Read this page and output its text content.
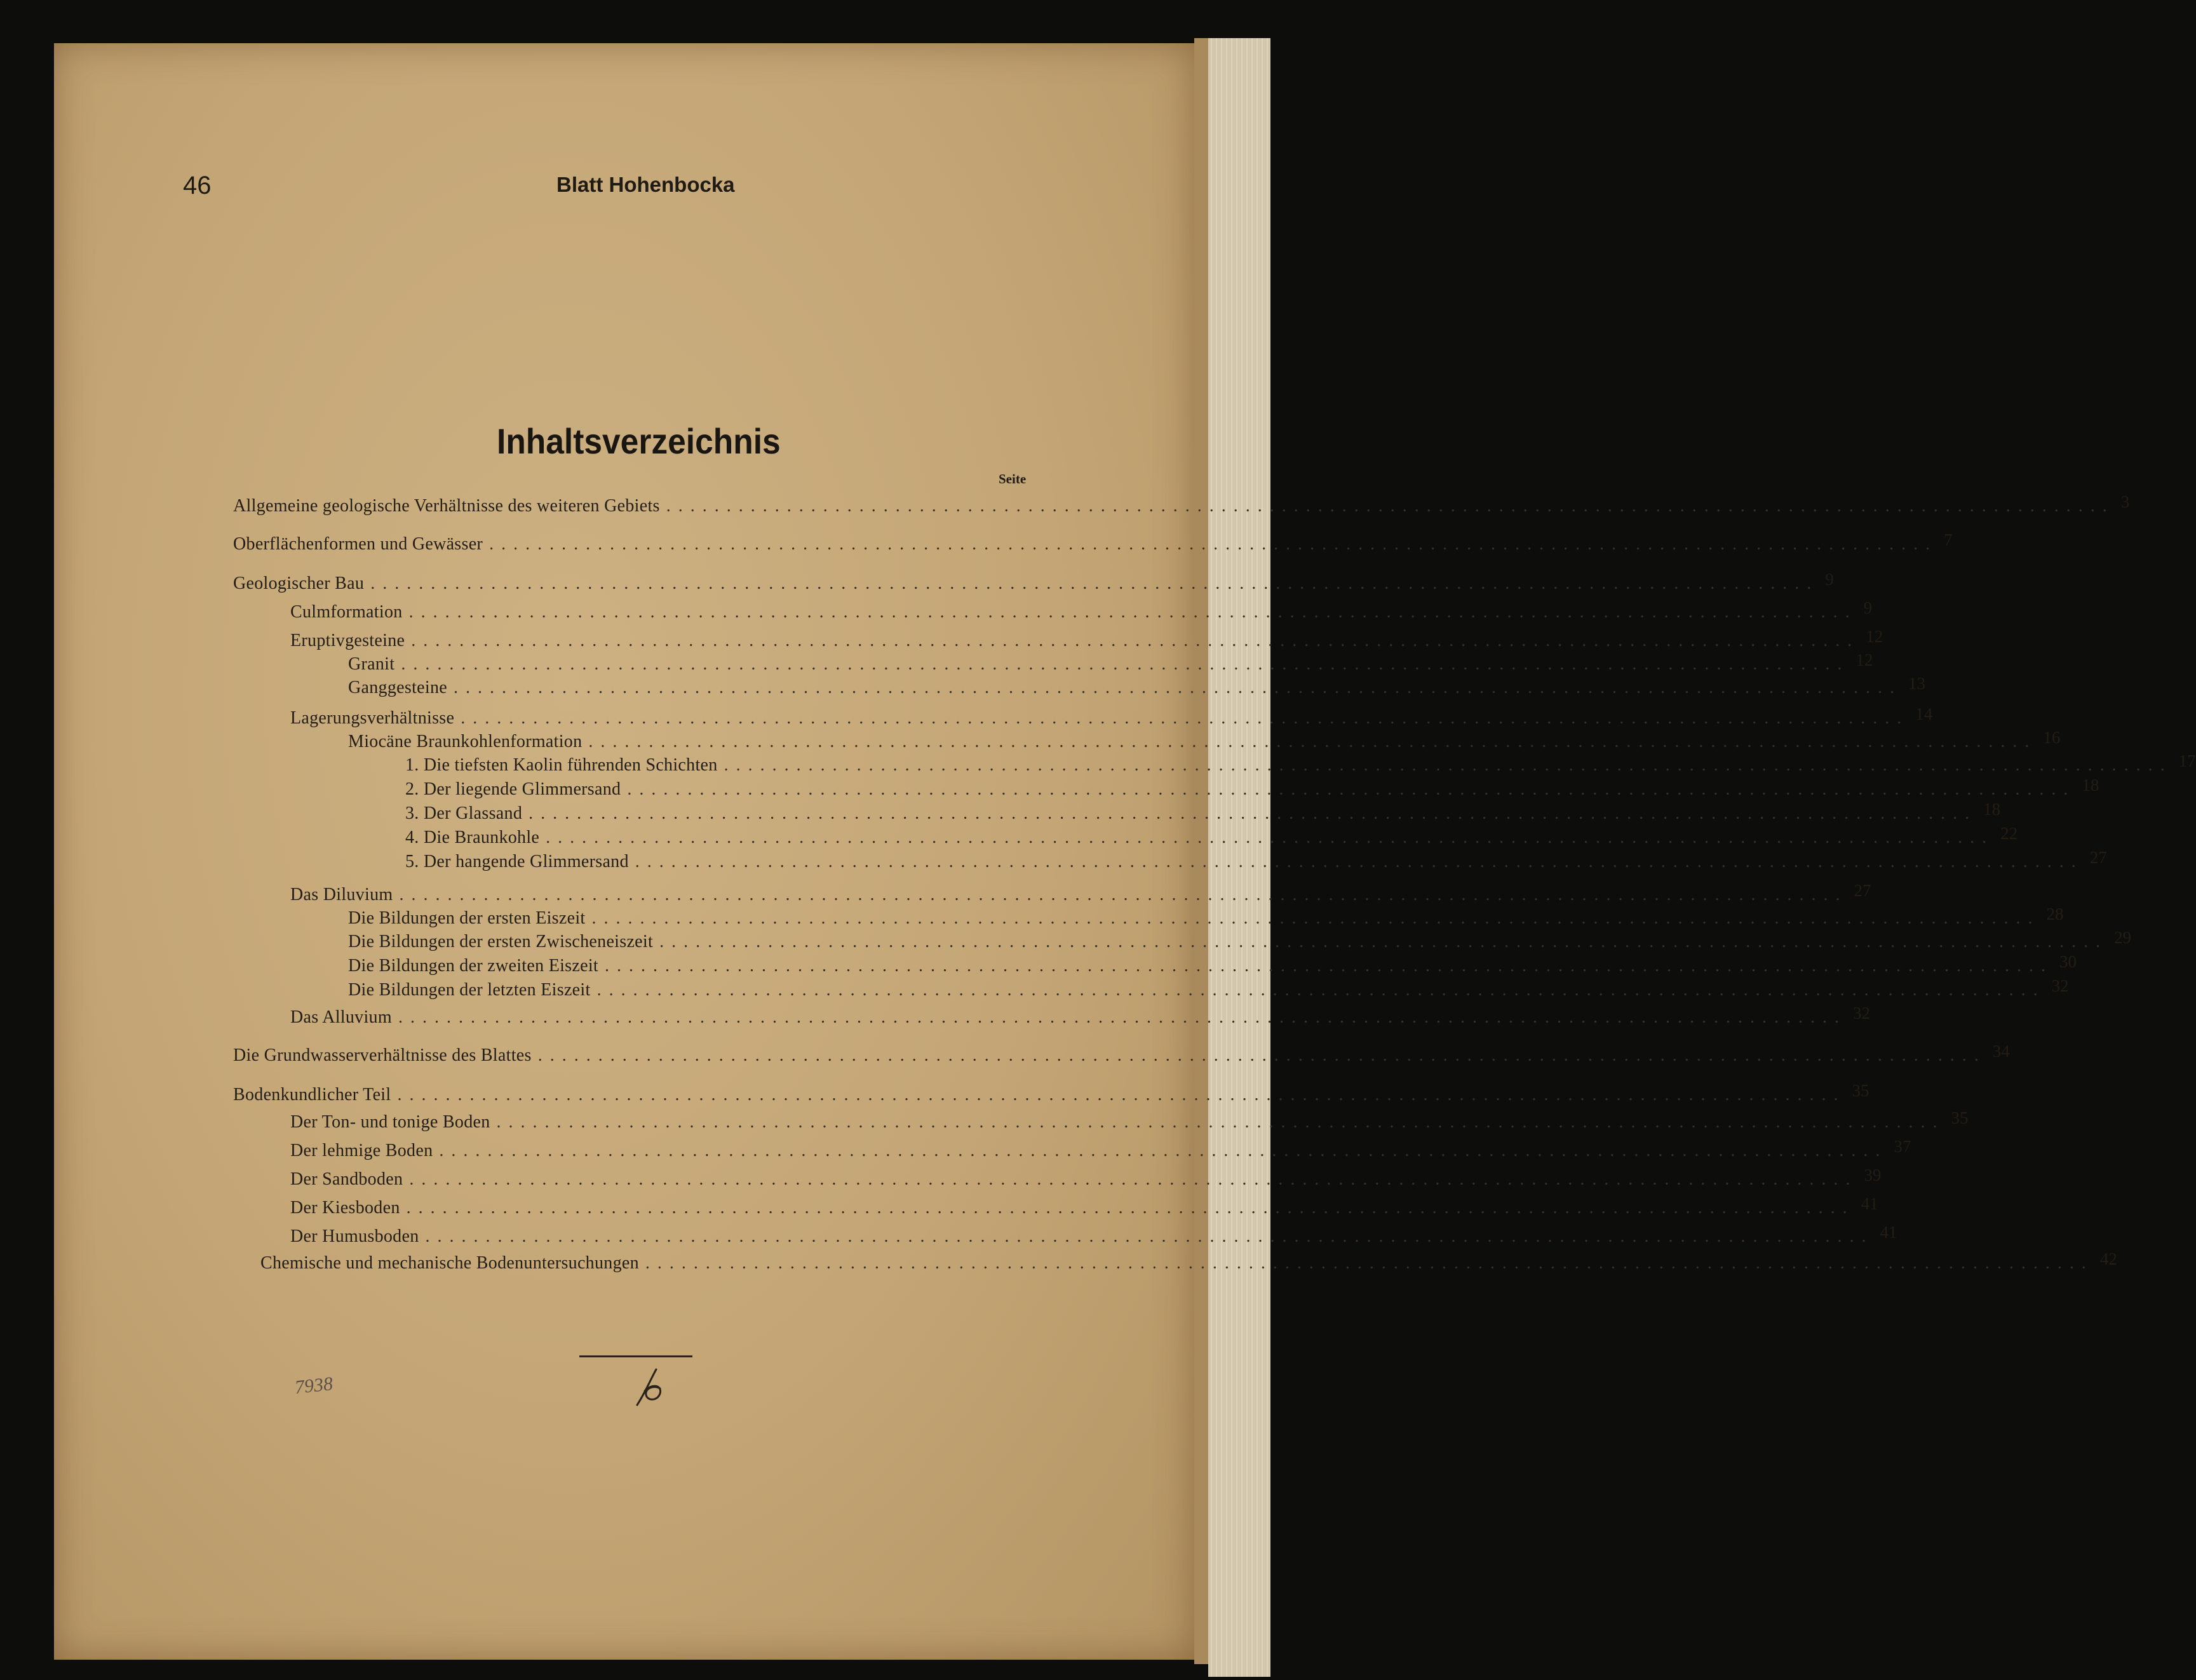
46	Blatt Hohenbocka
Inhaltsverzeichnis
Seite
Allgemeine geologische Verhältnisse des weiteren Gebiets ........................................................................................................................ 3
Oberflächenformen und Gewässer ........................................................................................................................ 7
Geologischer Bau ........................................................................................................................ 9
Culmformation ........................................................................................................................ 9
Eruptivgesteine ........................................................................................................................ 12
Granit ........................................................................................................................ 12
Ganggesteine ........................................................................................................................ 13
Lagerungsverhältnisse ........................................................................................................................ 14
Miocäne Braunkohlenformation ........................................................................................................................ 16
1. Die tiefsten Kaolin führenden Schichten ........................................................................................................................ 17
2. Der liegende Glimmersand ........................................................................................................................ 18
3. Der Glassand ........................................................................................................................ 18
4. Die Braunkohle ........................................................................................................................ 22
5. Der hangende Glimmersand ........................................................................................................................ 27
Das Diluvium ........................................................................................................................ 27
Die Bildungen der ersten Eiszeit ........................................................................................................................ 28
Die Bildungen der ersten Zwischeneiszeit ........................................................................................................................ 29
Die Bildungen der zweiten Eiszeit ........................................................................................................................ 30
Die Bildungen der letzten Eiszeit ........................................................................................................................ 32
Das Alluvium ........................................................................................................................ 32
Die Grundwasserverhältnisse des Blattes ........................................................................................................................ 34
Bodenkundlicher Teil ........................................................................................................................ 35
Der Ton- und tonige Boden ........................................................................................................................ 35
Der lehmige Boden ........................................................................................................................ 37
Der Sandboden ........................................................................................................................ 39
Der Kiesboden ........................................................................................................................ 41
Der Humusboden ........................................................................................................................ 41
Chemische und mechanische Bodenuntersuchungen ........................................................................................................................ 42
7938
